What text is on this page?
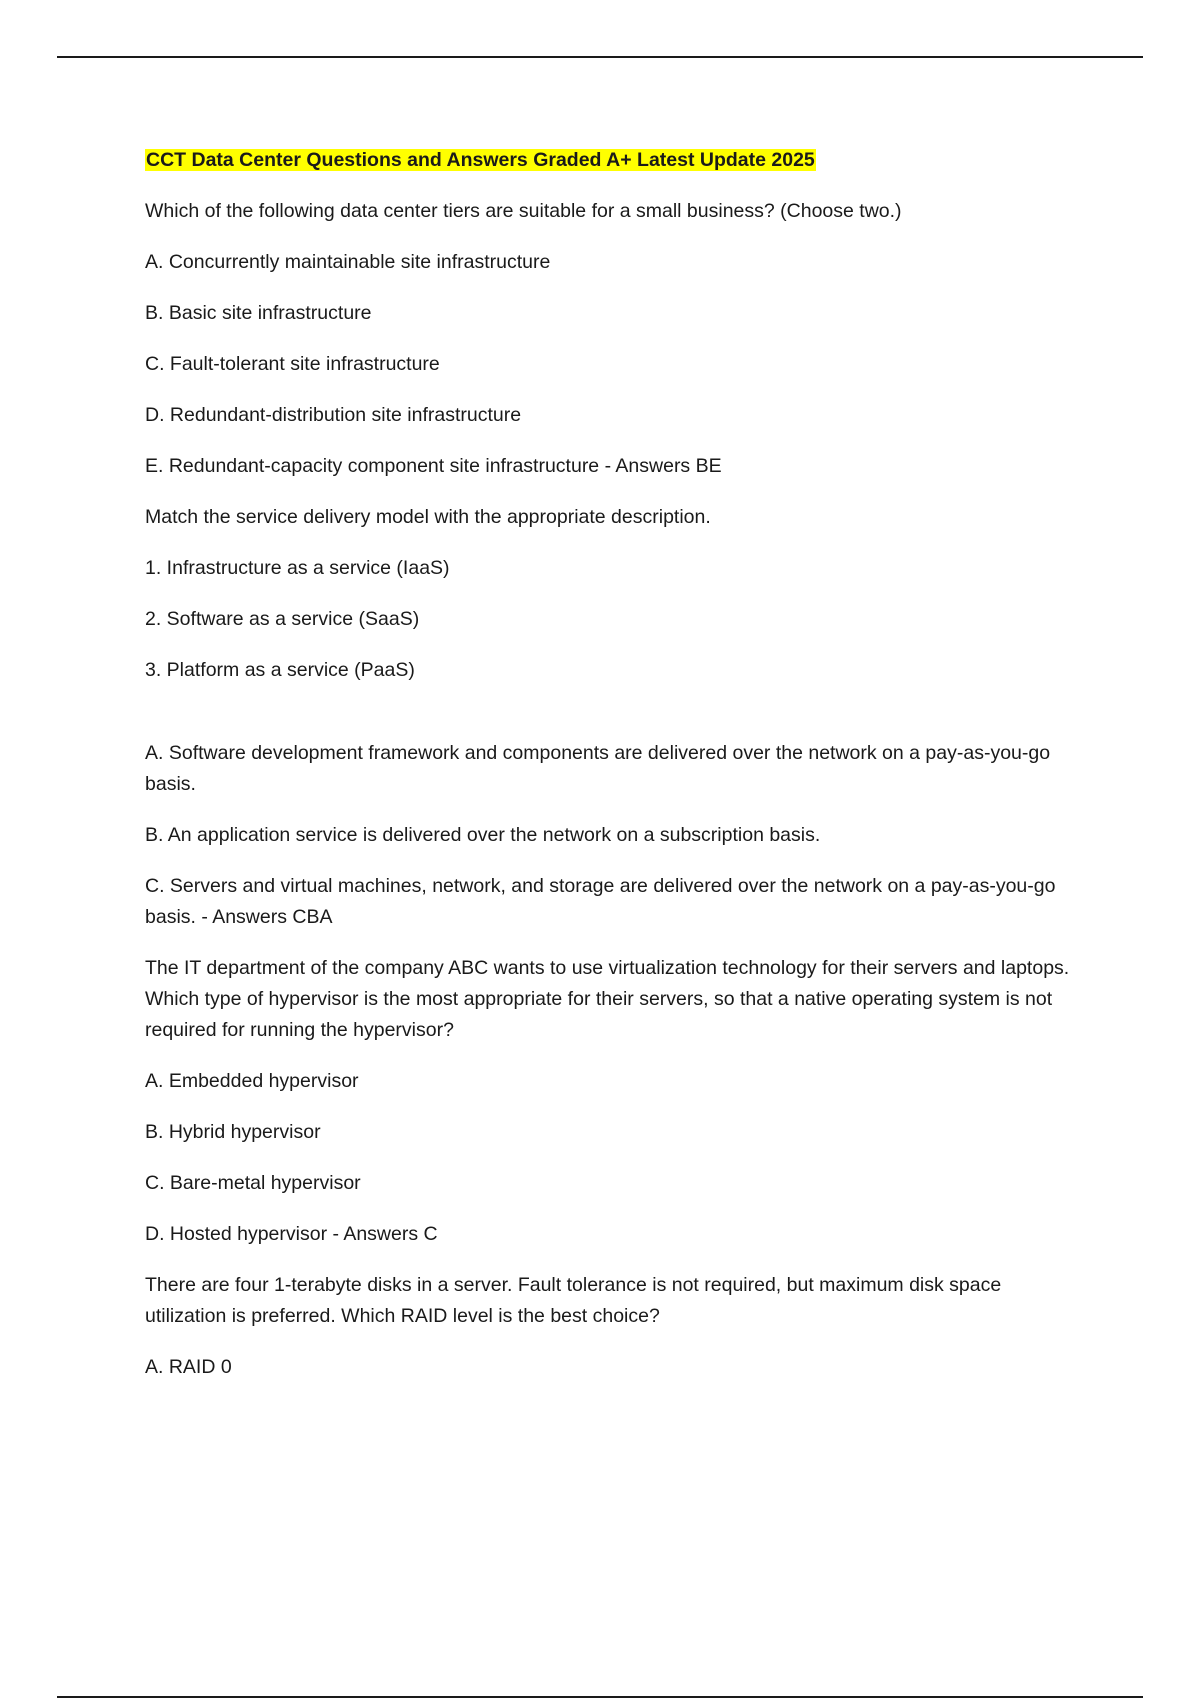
CCT Data Center Questions and Answers Graded A+ Latest Update 2025

Which of the following data center tiers are suitable for a small business? (Choose two.)

A. Concurrently maintainable site infrastructure

B. Basic site infrastructure

C. Fault-tolerant site infrastructure

D. Redundant-distribution site infrastructure

E. Redundant-capacity component site infrastructure - Answers BE

Match the service delivery model with the appropriate description.

1. Infrastructure as a service (IaaS)

2. Software as a service (SaaS)

3. Platform as a service (PaaS)

A. Software development framework and components are delivered over the network on a pay-as-you-go basis.

B. An application service is delivered over the network on a subscription basis.

C. Servers and virtual machines, network, and storage are delivered over the network on a pay-as-you-go basis. - Answers CBA

The IT department of the company ABC wants to use virtualization technology for their servers and laptops. Which type of hypervisor is the most appropriate for their servers, so that a native operating system is not required for running the hypervisor?

A. Embedded hypervisor

B. Hybrid hypervisor

C. Bare-metal hypervisor

D. Hosted hypervisor - Answers C

There are four 1-terabyte disks in a server. Fault tolerance is not required, but maximum disk space utilization is preferred. Which RAID level is the best choice?

A. RAID 0
